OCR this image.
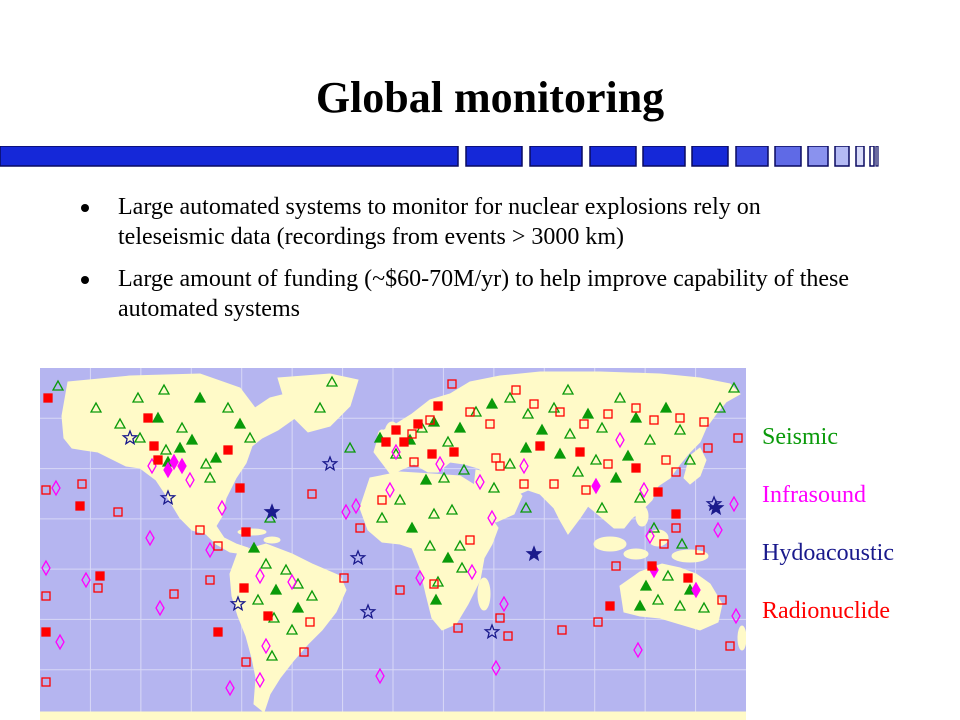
Global monitoring
Large automated systems to monitor for nuclear explosions rely on teleseismic data (recordings from events > 3000 km)
Large amount of funding (~$60-70M/yr) to help improve capability of these automated systems
Seismic
Infrasound
Hydoacoustic
Radionuclide
